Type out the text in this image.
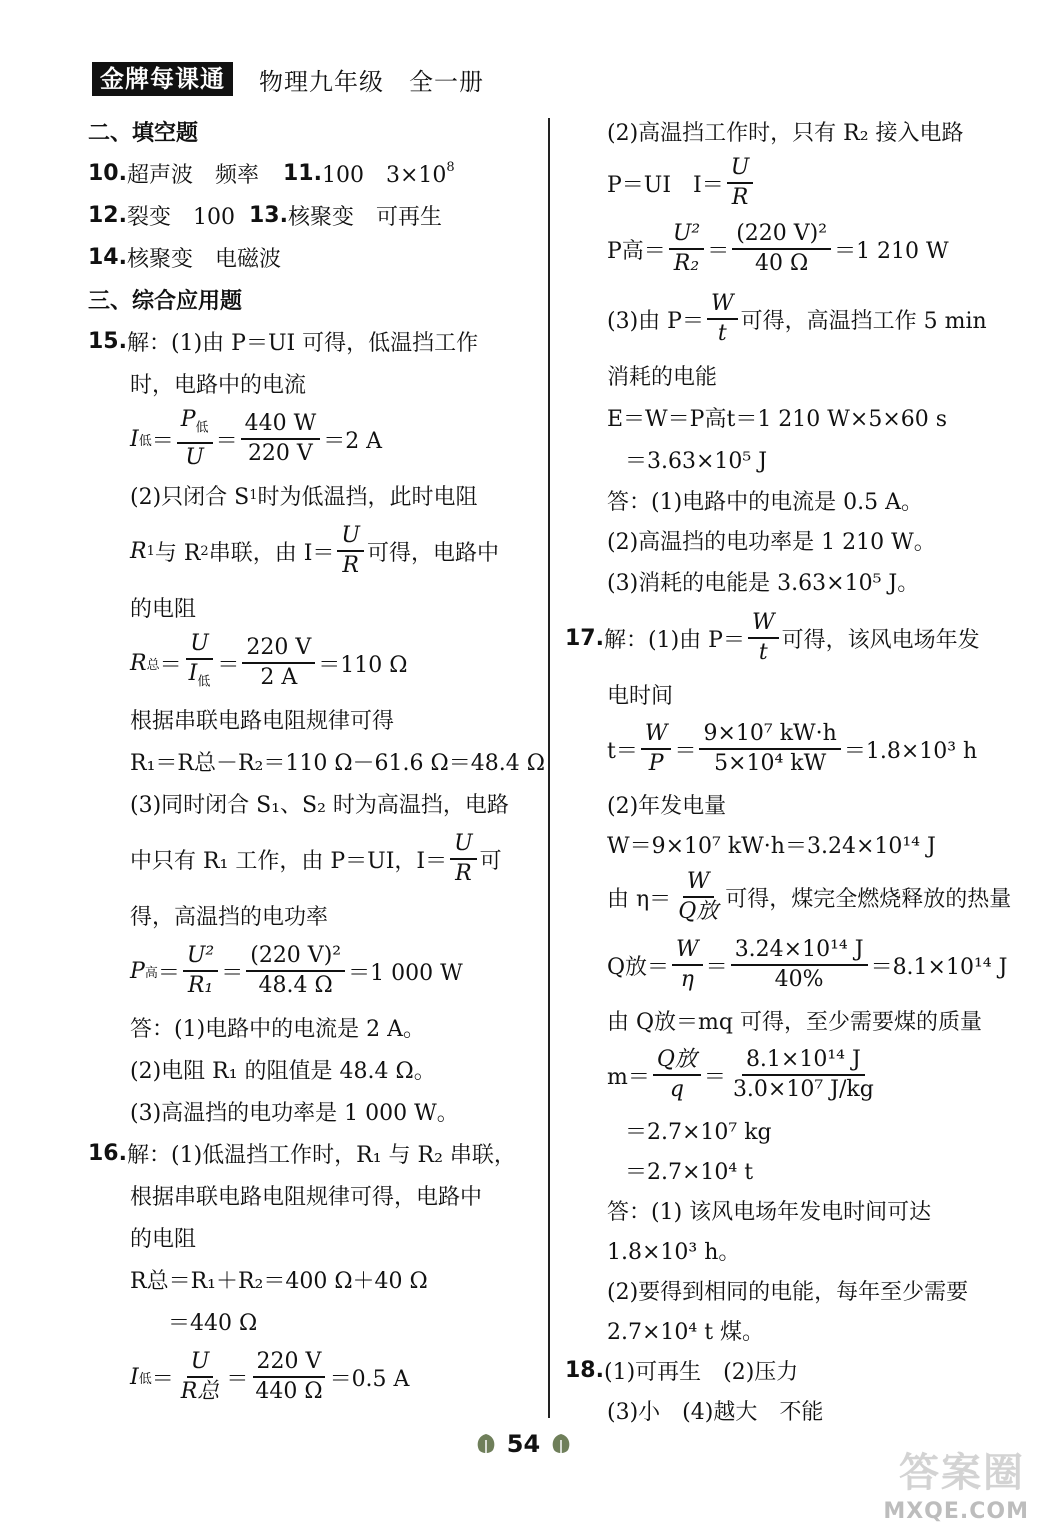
金牌每课通	物理九年级　全一册
二、填空题
10. 超声波　频率 11. 100　$3\times 10^8$
12. 裂变　100 13. 核聚变　可再生
14. 核聚变　电磁波
三、综合应用题
15. 解：(1)由 P＝UI 可得，低温挡工作
时，电路中的电流
I 低 ＝ $\frac{P_低}{U} = \frac{440 W}{220 V} =2$ A
(2)只闭合 S 1 时为低温挡，此时电阻
R 1 与 R 2 串联，由 $I= \frac{U}{R}$ 可得，电路中
的电阻
R 总 ＝ $\frac{U}{I_低} = \frac{220 V}{2 A} =110$ Ω
根据串联电路电阻规律可得
R₁＝R总－R₂＝110 Ω－61.6 Ω＝48.4 Ω
(3)同时闭合 S₁、S₂ 时为高温挡，电路
中只有 R₁ 工作，由 P＝UI，$I= \frac{U}{R}$ 可
得，高温挡的电功率
P 高 ＝ $\frac{\text{U²}}{\text{R₁}} = \frac{\text{(220 V)²}}{48.4 \Omega} =1$ 000 W
答：(1)电路中的电流是 2 A。
(2)电阻 R₁ 的阻值是 48.4 Ω。
(3)高温挡的电功率是 1 000 W。
16. 解：(1)低温挡工作时，R₁ 与 R₂ 串联，
根据串联电路电阻规律可得，电路中
的电阻
R总＝R₁＋R₂＝400 Ω＋40 Ω
＝440 Ω
I 低 ＝ $\frac{U}{\text{R总}} = \frac{220 V}{440 \Omega} =0.5$ A
(2)高温挡工作时，只有 R₂ 接入电路
P＝UI　$I= \frac{U}{R}$
P高＝ $\frac{\text{U²}}{\text{R₂}} = \frac{\text{(220 V)²}}{40 \Omega} =1$ 210 W
(3)由 $P= \frac{W}{t}$ 可得，高温挡工作 5 min
消耗的电能
E＝W＝P高t＝1 210 W×5×60 s
＝3.63×10⁵ J
答：(1)电路中的电流是 0.5 A。
(2)高温挡的电功率是 1 210 W。
(3)消耗的电能是 3.63×10⁵ J。
17. 解：(1)由 $P= \frac{W}{t}$ 可得，该风电场年发
电时间
$t= \frac{W}{P} = \frac{\text{9×10⁷ kW·h}}{\text{5×10⁴ kW}} =1.8\times 10^3$ h
(2)年发电量
W＝9×10⁷ kW·h＝3.24×10¹⁴ J
由 $\eta= \frac{W}{\text{Q放}}$ 可得，煤完全燃烧释放的热量
Q放＝ $\frac{W}{\eta} = \frac{\text{3.24×10¹⁴ J}}{40\%} =8.1\times 10^{14}$ J
由 Q放＝mq 可得，至少需要煤的质量
$m= \frac{\text{Q放}}{q} = \frac{\text{8.1×10¹⁴ J}}{\text{3.0×10⁷ J/kg}}$
＝2.7×10⁷ kg
＝2.7×10⁴ t
答：(1) 该风电场年发电时间可达
1.8×10³ h。
(2)要得到相同的电能，每年至少需要
2.7×10⁴ t 煤。
18. (1)可再生　(2)压力
(3)小　(4)越大　不能
54
答案圈
MXQE.COM
